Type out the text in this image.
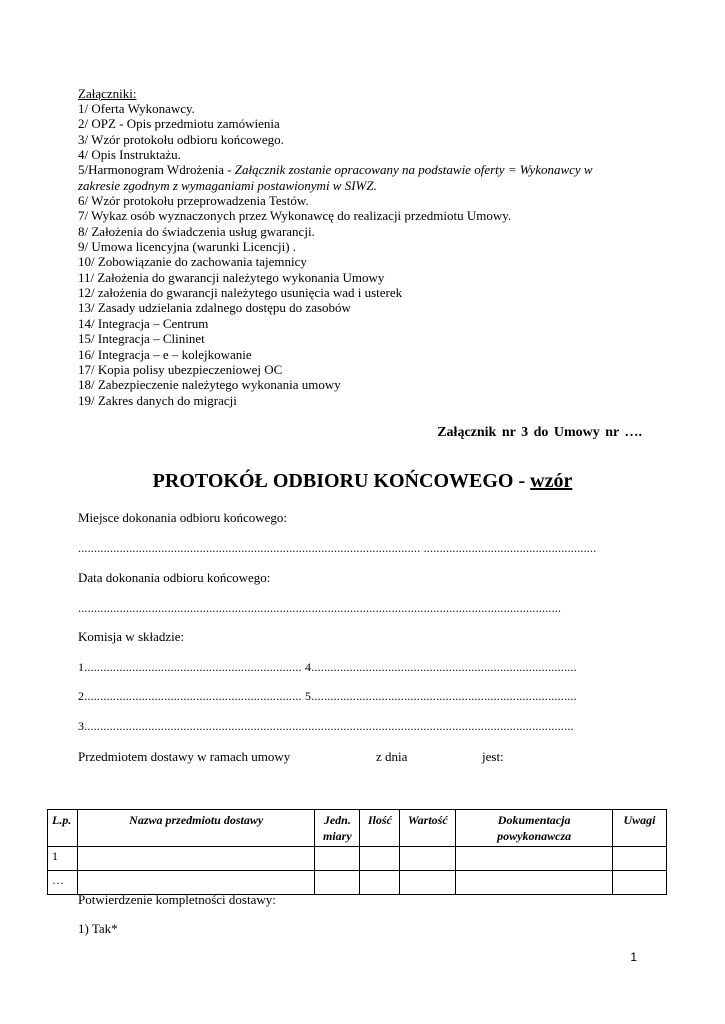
Załączniki:
1/ Oferta Wykonawcy.
2/ OPZ - Opis przedmiotu zamówienia
3/ Wzór protokołu odbioru końcowego.
4/ Opis Instruktażu.
5/Harmonogram Wdrożenia - Załącznik zostanie opracowany na podstawie oferty = Wykonawcy w
zakresie zgodnym z wymaganiami postawionymi w SIWZ.
6/ Wzór protokołu przeprowadzenia Testów.
7/ Wykaz osób wyznaczonych przez Wykonawcę do realizacji przedmiotu Umowy.
8/ Założenia do świadczenia usług gwarancji.
9/ Umowa licencyjna (warunki Licencji) .
10/ Zobowiązanie do zachowania tajemnicy
11/ Założenia do gwarancji należytego wykonania Umowy
12/ założenia do gwarancji należytego usunięcia wad i usterek
13/ Zasady udzielania zdalnego dostępu do zasobów
14/ Integracja – Centrum
15/ Integracja – Clininet
16/ Integracja – e – kolejkowanie
17/ Kopia polisy ubezpieczeniowej OC
18/ Zabezpieczenie należytego wykonania umowy
19/ Zakres danych do migracji
Załącznik nr 3 do Umowy nr ….
PROTOKÓŁ ODBIORU KOŃCOWEGO - wzór
Miejsce dokonania odbioru końcowego:
........................................................................................................... ......................................................
Data dokonania odbioru końcowego:
.......................................................................................................................................................
Komisja w składzie:
1.................................................................... 4...................................................................................
2.................................................................... 5...................................................................................
3.........................................................................................................................................................
Przedmiotem dostawy w ramach umowy	z dnia	jest:
L.p.	Nazwa przedmiotu dostawy	Jedn. miary	Ilość	Wartość	Dokumentacja powykonawcza	Uwagi
1						
…						
Potwierdzenie kompletności dostawy:
1) Tak*
1
